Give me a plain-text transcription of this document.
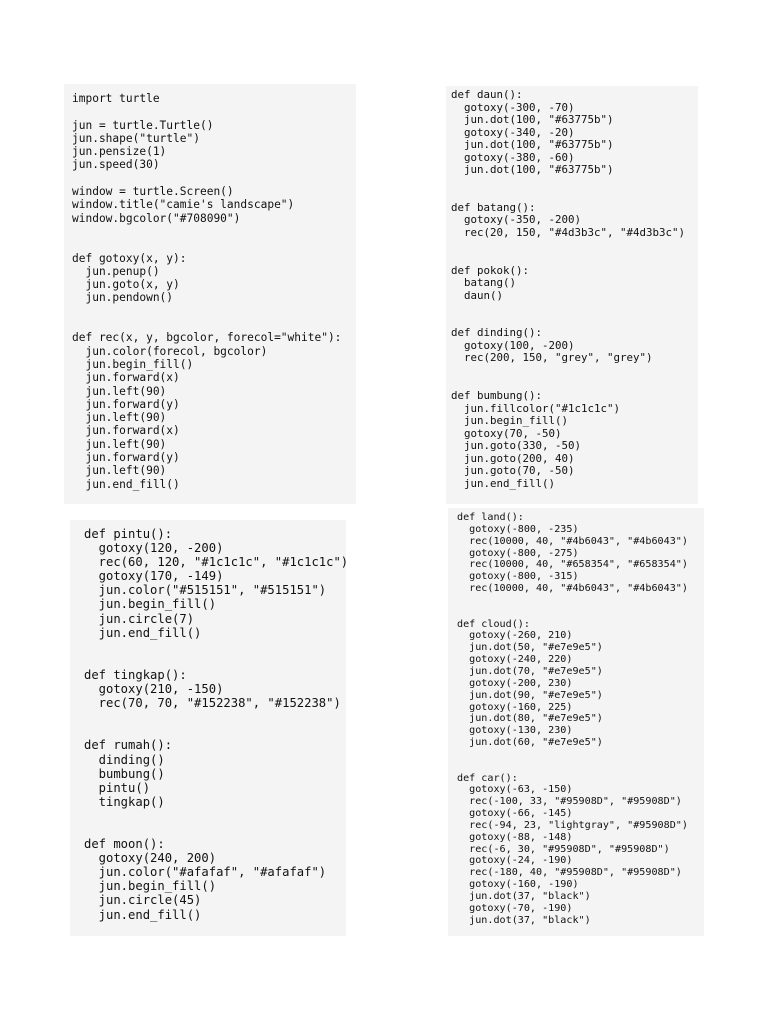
import turtle

jun = turtle.Turtle()
jun.shape("turtle")
jun.pensize(1)
jun.speed(30)

window = turtle.Screen()
window.title("camie's landscape")
window.bgcolor("#708090")

def gotoxy(x, y):
jun.penup()
jun.goto(x, y)
jun.pendown()

def rec(x, y, bgcolor, forecol="white"):
jun.color(forecol, bgcolor)
jun.begin_fill()
jun.forward(x)
jun.left(90)
jun.forward(y)
jun.left(90)
jun.forward(x)
jun.left(90)
jun.forward(y)
jun.left(90)
jun.end_fill()
def daun():
gotoxy(-300, -70)
jun.dot(100, "#63775b")
gotoxy(-340, -20)
jun.dot(100, "#63775b")
gotoxy(-380, -60)
jun.dot(100, "#63775b")

def batang():
gotoxy(-350, -200)
rec(20, 150, "#4d3b3c", "#4d3b3c")

def pokok():
batang()
daun()

def dinding():
gotoxy(100, -200)
rec(200, 150, "grey", "grey")

def bumbung():
jun.fillcolor("#1c1c1c")
jun.begin_fill()
gotoxy(70, -50)
jun.goto(330, -50)
jun.goto(200, 40)
jun.goto(70, -50)
jun.end_fill()
def pintu():
gotoxy(120, -200)
rec(60, 120, "#1c1c1c", "#1c1c1c")
gotoxy(170, -149)
jun.color("#515151", "#515151")
jun.begin_fill()
jun.circle(7)
jun.end_fill()

def tingkap():
gotoxy(210, -150)
rec(70, 70, "#152238", "#152238")

def rumah():
dinding()
bumbung()
pintu()
tingkap()

def moon():
gotoxy(240, 200)
jun.color("#afafaf", "#afafaf")
jun.begin_fill()
jun.circle(45)
jun.end_fill()
def land():
gotoxy(-800, -235)
rec(10000, 40, "#4b6043", "#4b6043")
gotoxy(-800, -275)
rec(10000, 40, "#658354", "#658354")
gotoxy(-800, -315)
rec(10000, 40, "#4b6043", "#4b6043")

def cloud():
gotoxy(-260, 210)
jun.dot(50, "#e7e9e5")
gotoxy(-240, 220)
jun.dot(70, "#e7e9e5")
gotoxy(-200, 230)
jun.dot(90, "#e7e9e5")
gotoxy(-160, 225)
jun.dot(80, "#e7e9e5")
gotoxy(-130, 230)
jun.dot(60, "#e7e9e5")

def car():
gotoxy(-63, -150)
rec(-100, 33, "#95908D", "#95908D")
gotoxy(-66, -145)
rec(-94, 23, "lightgray", "#95908D")
gotoxy(-88, -148)
rec(-6, 30, "#95908D", "#95908D")
gotoxy(-24, -190)
rec(-180, 40, "#95908D", "#95908D")
gotoxy(-160, -190)
jun.dot(37, "black")
gotoxy(-70, -190)
jun.dot(37, "black")
